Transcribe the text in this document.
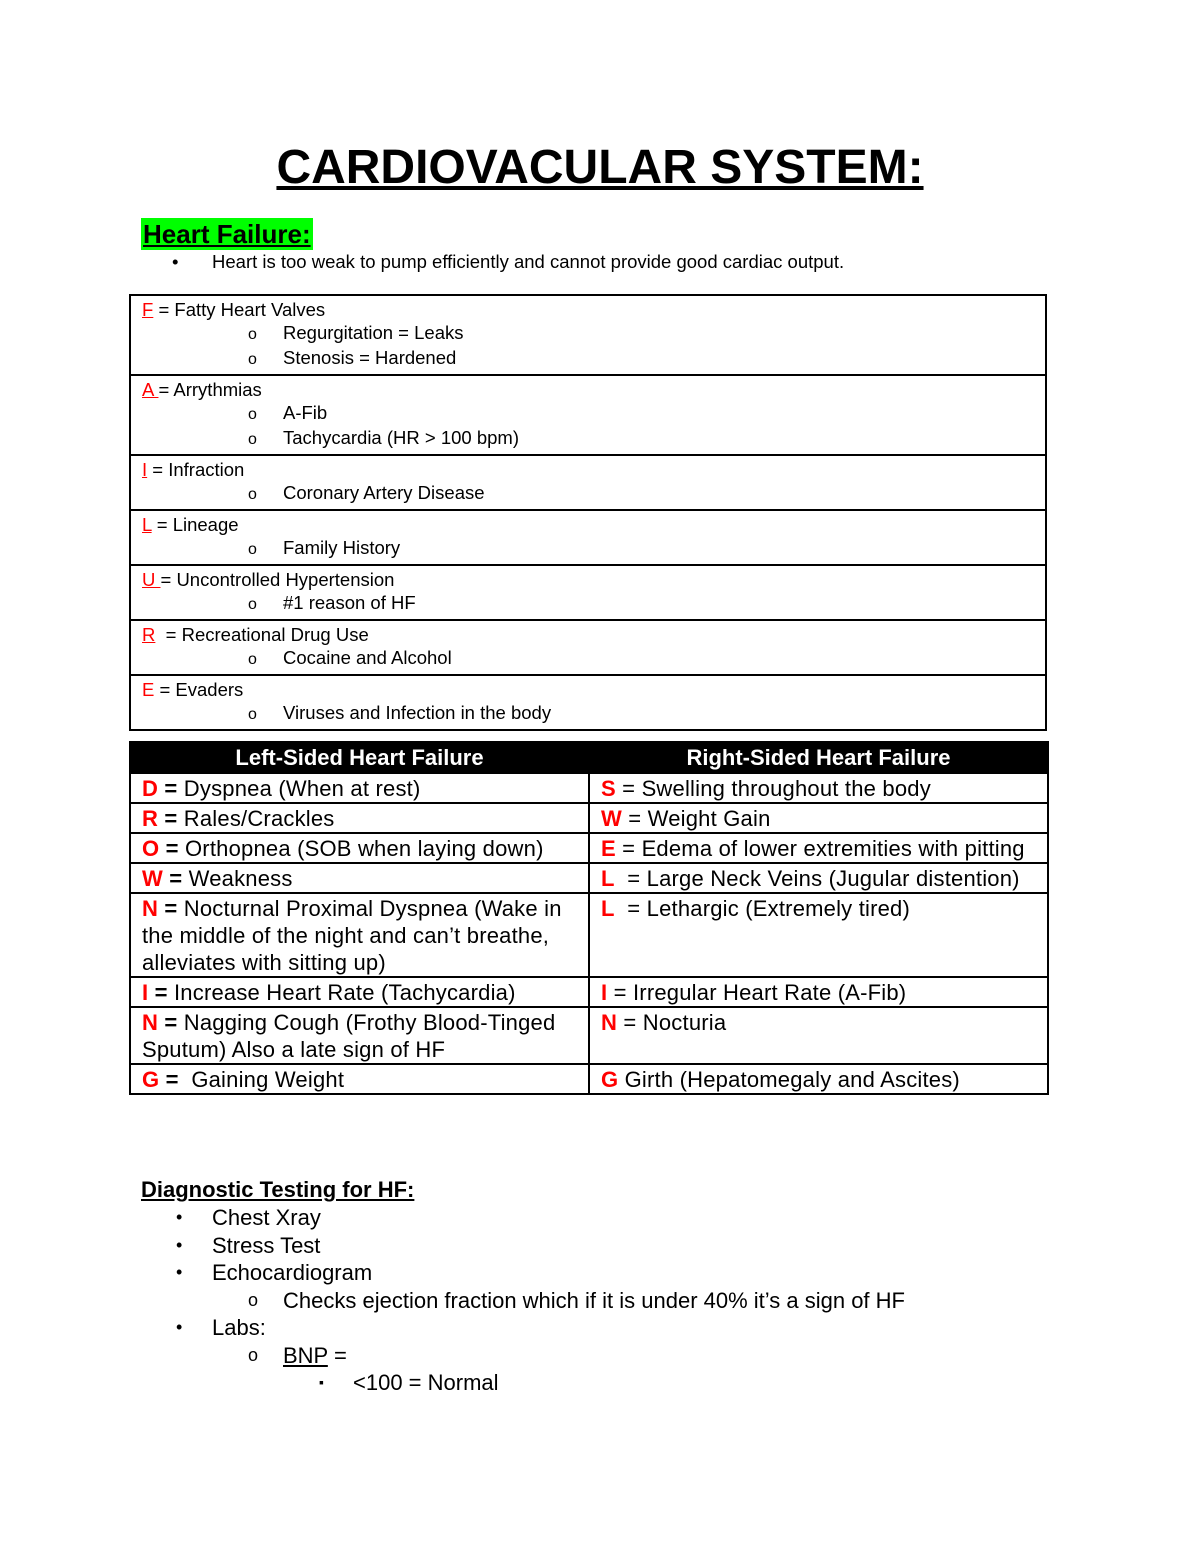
CARDIOVACULAR SYSTEM:
Heart Failure:
• Heart is too weak to pump efficiently and cannot provide good cardiac output.
F = Fatty Heart Valves
o Regurgitation = Leaks
o Stenosis = Hardened
A = Arrythmias
o A-Fib
o Tachycardia (HR > 100 bpm)
I = Infraction
o Coronary Artery Disease
L = Lineage
o Family History
U = Uncontrolled Hypertension
o #1 reason of HF
R  = Recreational Drug Use
o Cocaine and Alcohol
E = Evaders
o Viruses and Infection in the body
Left-Sided Heart Failure	Right-Sided Heart Failure
D = Dyspnea (When at rest)	S = Swelling throughout the body
R = Rales/Crackles	W = Weight Gain
O = Orthopnea (SOB when laying down)	E = Edema of lower extremities with pitting
W = Weakness	L  = Large Neck Veins (Jugular distention)
N = Nocturnal Proximal Dyspnea (Wake in the middle of the night and can’t breathe, alleviates with sitting up)	L  = Lethargic (Extremely tired)
I = Increase Heart Rate (Tachycardia)	I = Irregular Heart Rate (A-Fib)
N = Nagging Cough (Frothy Blood-Tinged Sputum) Also a late sign of HF	N = Nocturia
G =  Gaining Weight	G Girth (Hepatomegaly and Ascites)
Diagnostic Testing for HF:
• Chest Xray
• Stress Test
• Echocardiogram
o Checks ejection fraction which if it is under 40% it’s a sign of HF
• Labs:
o BNP =
▪ <100 = Normal
